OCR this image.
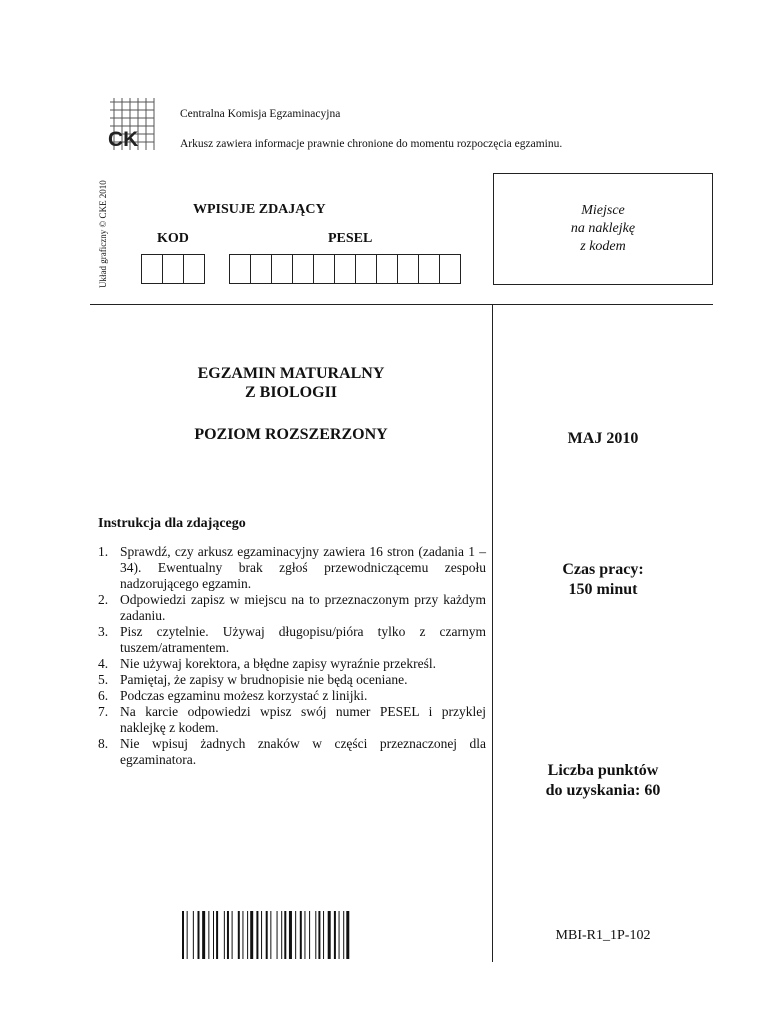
CK
Centralna Komisja Egzaminacyjna
Arkusz zawiera informacje prawnie chronione do momentu rozpoczęcia egzaminu.
Układ graficzny © CKE 2010	WPISUJE ZDAJĄCY
KOD	PESEL
Miejsce
na naklejkę
z kodem
EGZAMIN MATURALNY
Z BIOLOGII
POZIOM ROZSZERZONY	MAJ 2010
Czas pracy:
150 minut
Liczba punktów
do uzyskania: 60
MBI-R1_1P-102
Instrukcja dla zdającego
1. Sprawdź, czy arkusz egzaminacyjny zawiera 16 stron (zadania 1 – 34). Ewentualny brak zgłoś przewodniczącemu zespołu nadzorującego egzamin.
2. Odpowiedzi zapisz w miejscu na to przeznaczonym przy każdym zadaniu.
3. Pisz czytelnie. Używaj długopisu/pióra tylko z czarnym tuszem/atramentem.
4. Nie używaj korektora, a błędne zapisy wyraźnie przekreśl.
5. Pamiętaj, że zapisy w brudnopisie nie będą oceniane.
6. Podczas egzaminu możesz korzystać z linijki.
7. Na karcie odpowiedzi wpisz swój numer PESEL i przyklej naklejkę z kodem.
8. Nie wpisuj żadnych znaków w części przeznaczonej dla egzaminatora.
